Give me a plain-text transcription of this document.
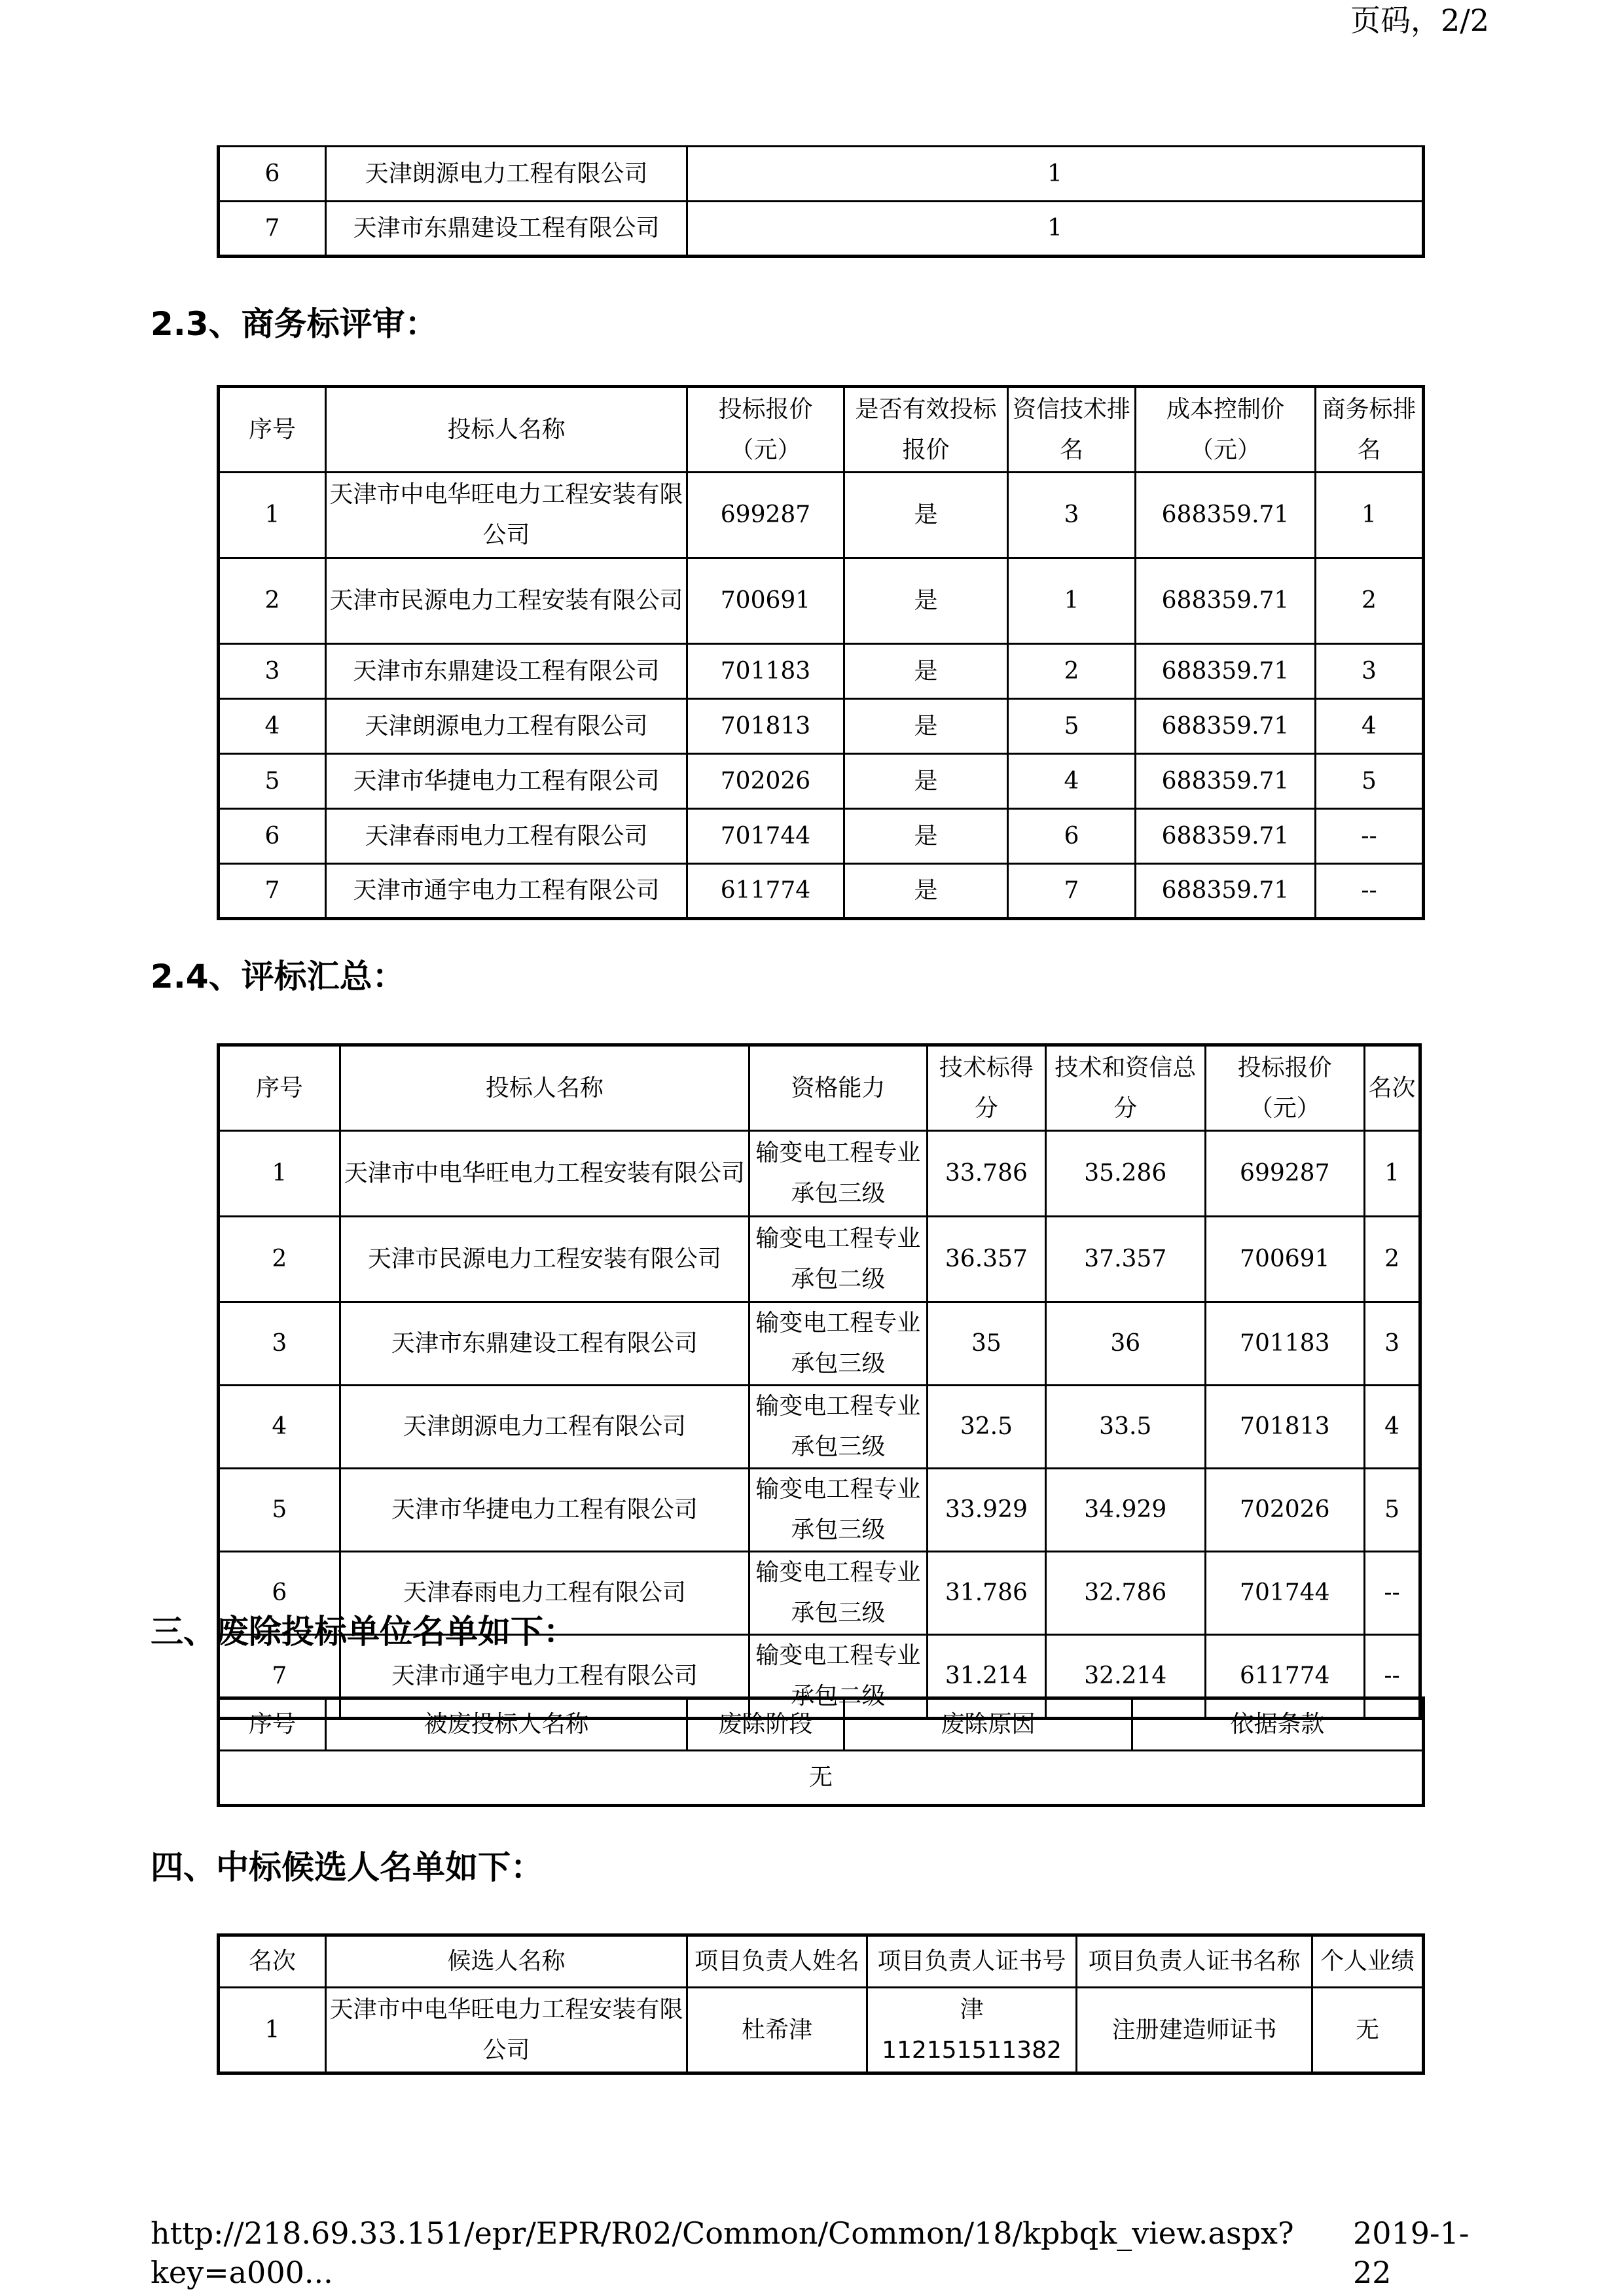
页码，2/2
6	天津朗源电力工程有限公司	1
7	天津市东鼎建设工程有限公司	1
2.3、商务标评审：
序号	投标人名称	投标报价（元）	是否有效投标报价	资信技术排名	成本控制价（元）	商务标排名
1	天津市中电华旺电力工程安装有限公司	699287	是	3	688359.71	1
2	天津市民源电力工程安装有限公司	700691	是	1	688359.71	2
3	天津市东鼎建设工程有限公司	701183	是	2	688359.71	3
4	天津朗源电力工程有限公司	701813	是	5	688359.71	4
5	天津市华捷电力工程有限公司	702026	是	4	688359.71	5
6	天津春雨电力工程有限公司	701744	是	6	688359.71	--
7	天津市通宇电力工程有限公司	611774	是	7	688359.71	--
2.4、评标汇总：
序号	投标人名称	资格能力	技术标得分	技术和资信总分	投标报价（元）	名次
1	天津市中电华旺电力工程安装有限公司	输变电工程专业承包三级	33.786	35.286	699287	1
2	天津市民源电力工程安装有限公司	输变电工程专业承包二级	36.357	37.357	700691	2
3	天津市东鼎建设工程有限公司	输变电工程专业承包三级	35	36	701183	3
4	天津朗源电力工程有限公司	输变电工程专业承包三级	32.5	33.5	701813	4
5	天津市华捷电力工程有限公司	输变电工程专业承包三级	33.929	34.929	702026	5
6	天津春雨电力工程有限公司	输变电工程专业承包三级	31.786	32.786	701744	--
7	天津市通宇电力工程有限公司	输变电工程专业承包二级	31.214	32.214	611774	--
三、废除投标单位名单如下：
序号	被废投标人名称	废除阶段	废除原因	依据条款
无
四、中标候选人名单如下：
名次	候选人名称	项目负责人姓名	项目负责人证书号	项目负责人证书名称	个人业绩
1	天津市中电华旺电力工程安装有限公司	杜希津	津112151511382	注册建造师证书	无
http://218.69.33.151/epr/EPR/R02/Common/Common/18/kpbqk_view.aspx?key=a000...
2019-1-22
